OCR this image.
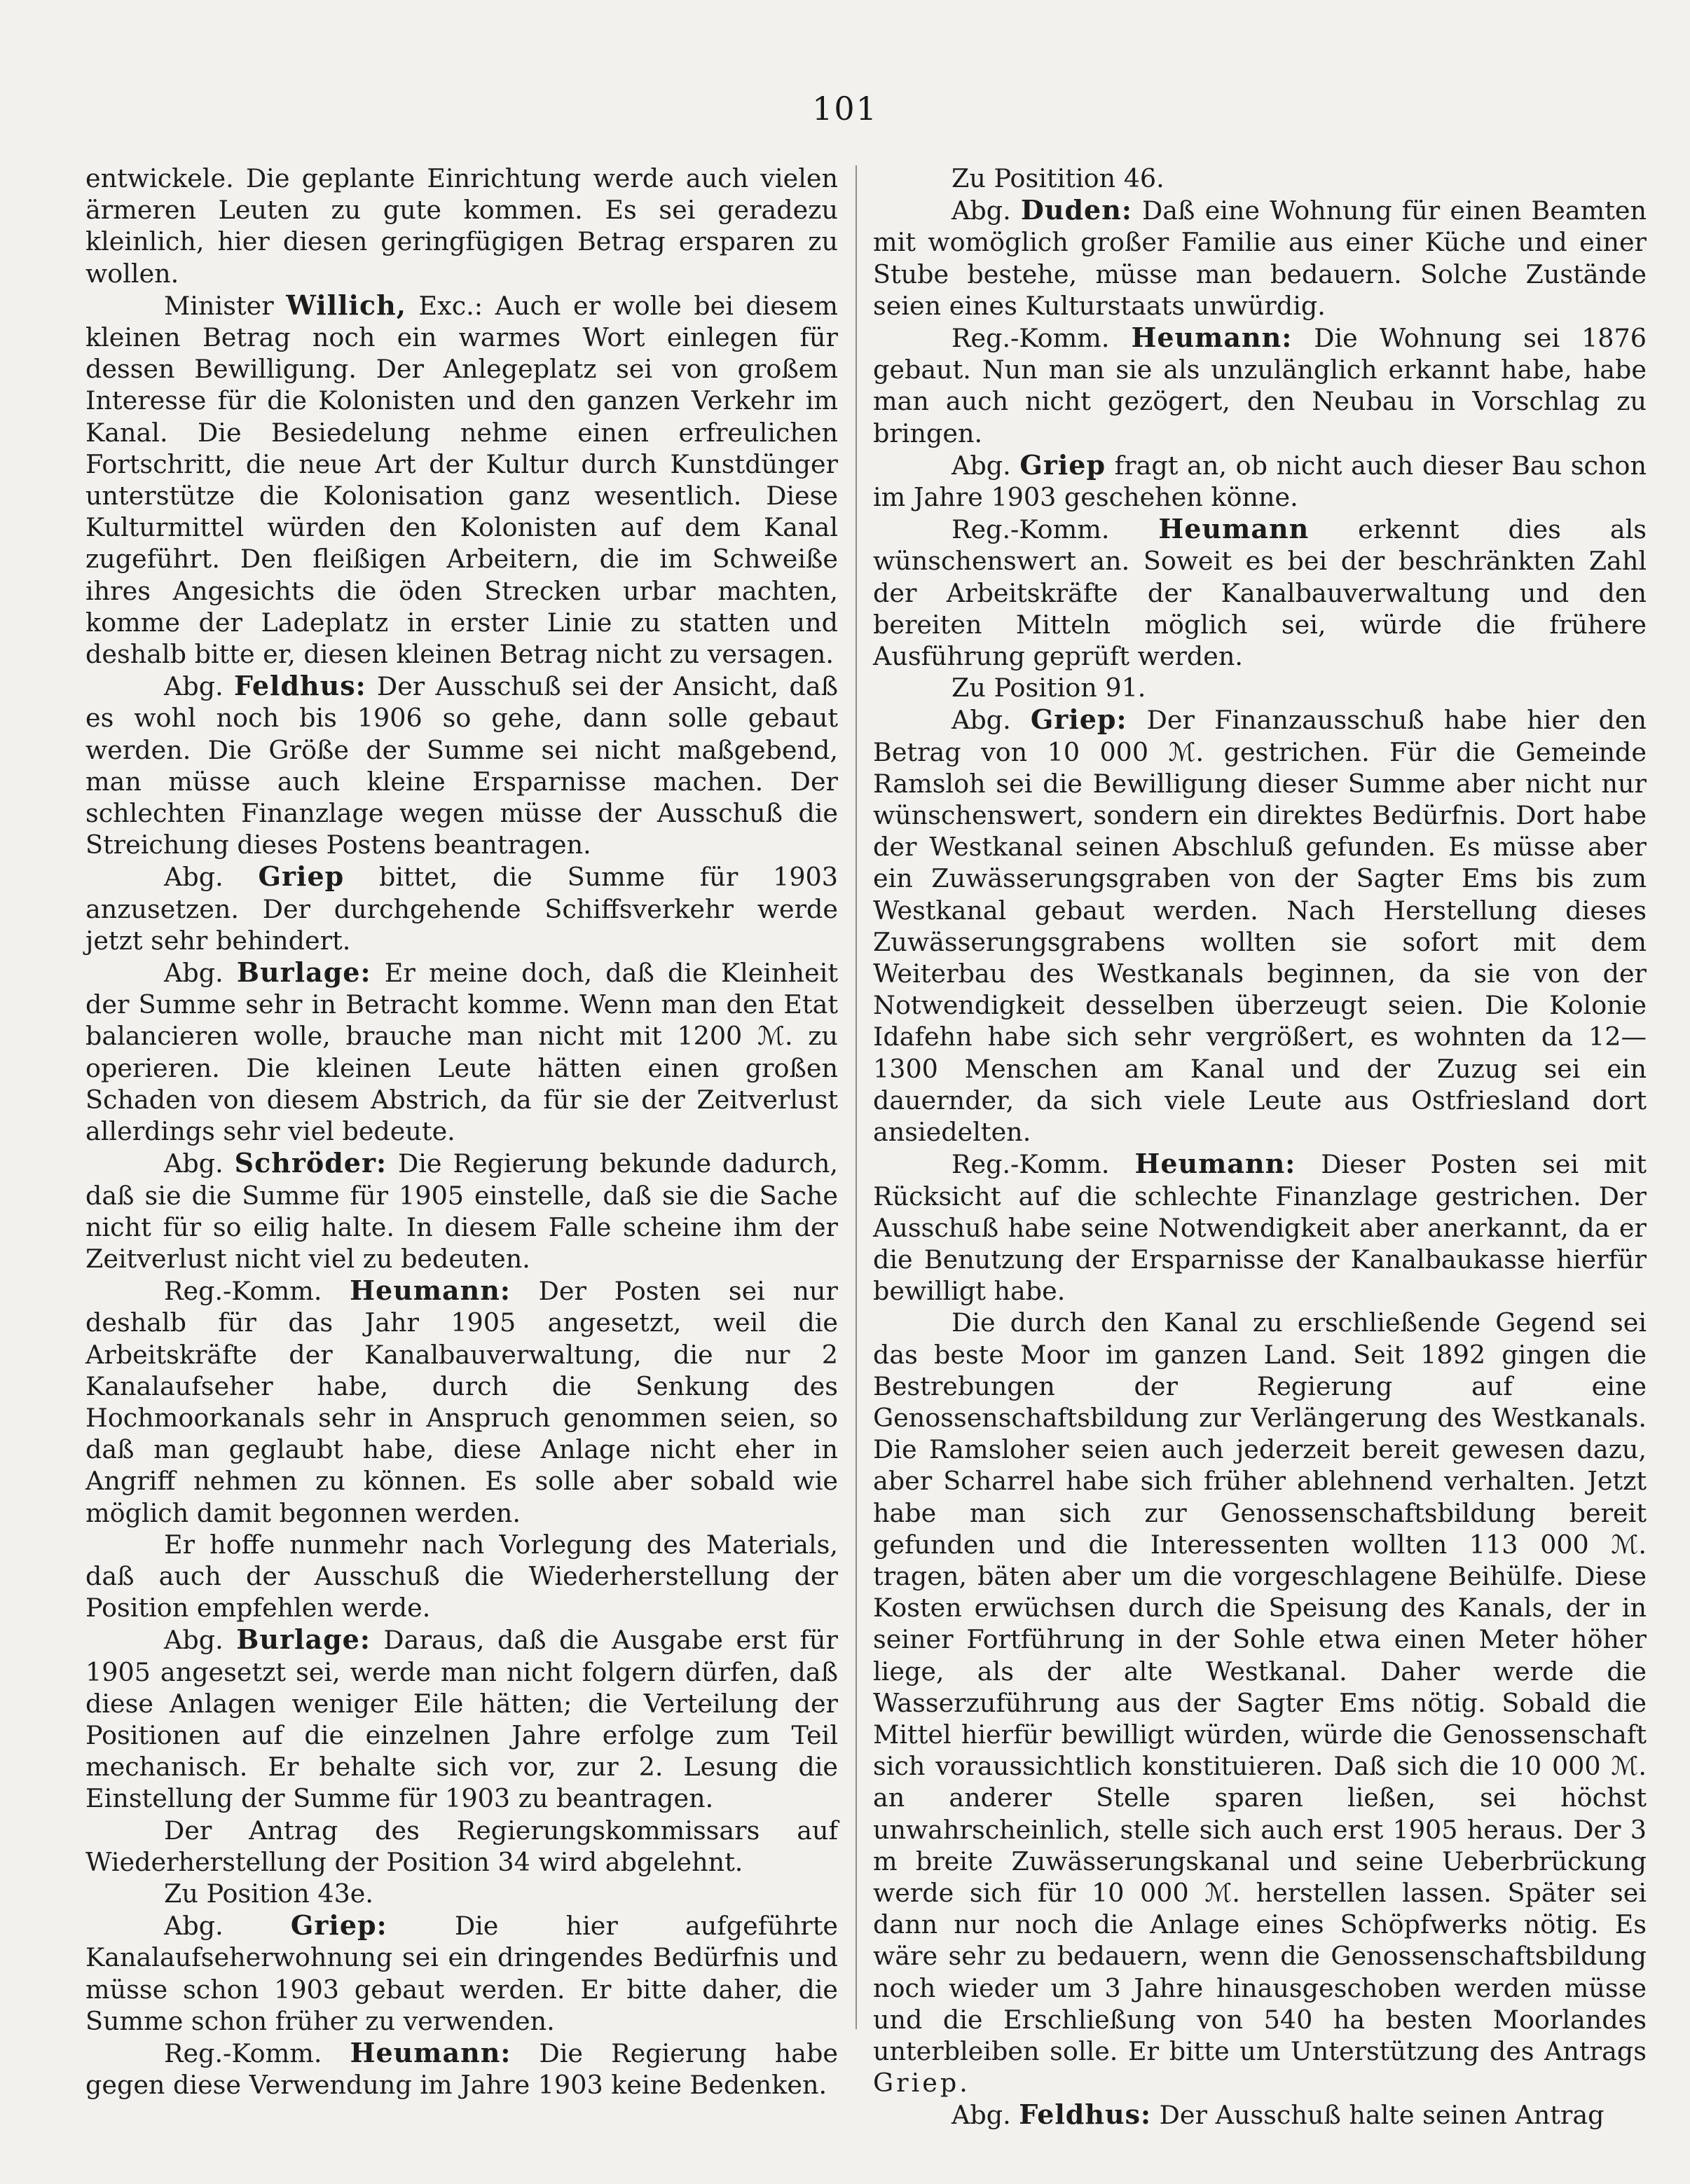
101

entwickele. Die geplante Einrichtung werde auch vielen ärmeren Leuten zu gute kommen. Es sei geradezu kleinlich, hier diesen geringfügigen Betrag ersparen zu wollen.

Minister Willich, Exc.: Auch er wolle bei diesem kleinen Betrag noch ein warmes Wort einlegen für dessen Bewilligung. Der Anlegeplatz sei von großem Interesse für die Kolonisten und den ganzen Verkehr im Kanal. Die Besiedelung nehme einen erfreulichen Fortschritt, die neue Art der Kultur durch Kunstdünger unterstütze die Kolonisation ganz wesentlich. Diese Kulturmittel würden den Kolonisten auf dem Kanal zugeführt. Den fleißigen Arbeitern, die im Schweiße ihres Angesichts die öden Strecken urbar machten, komme der Ladeplatz in erster Linie zu statten und deshalb bitte er, diesen kleinen Betrag nicht zu versagen.

Abg. Feldhus: Der Ausschuß sei der Ansicht, daß es wohl noch bis 1906 so gehe, dann solle gebaut werden. Die Größe der Summe sei nicht maßgebend, man müsse auch kleine Ersparnisse machen. Der schlechten Finanzlage wegen müsse der Ausschuß die Streichung dieses Postens beantragen.

Abg. Griep bittet, die Summe für 1903 anzusetzen. Der durchgehende Schiffsverkehr werde jetzt sehr behindert.

Abg. Burlage: Er meine doch, daß die Kleinheit der Summe sehr in Betracht komme. Wenn man den Etat balancieren wolle, brauche man nicht mit 1200 ℳ. zu operieren. Die kleinen Leute hätten einen großen Schaden von diesem Abstrich, da für sie der Zeitverlust allerdings sehr viel bedeute.

Abg. Schröder: Die Regierung bekunde dadurch, daß sie die Summe für 1905 einstelle, daß sie die Sache nicht für so eilig halte. In diesem Falle scheine ihm der Zeitverlust nicht viel zu bedeuten.

Reg.-Komm. Heumann: Der Posten sei nur deshalb für das Jahr 1905 angesetzt, weil die Arbeitskräfte der Kanalbauverwaltung, die nur 2 Kanalaufseher habe, durch die Senkung des Hochmoorkanals sehr in Anspruch genommen seien, so daß man geglaubt habe, diese Anlage nicht eher in Angriff nehmen zu können. Es solle aber sobald wie möglich damit begonnen werden.

Er hoffe nunmehr nach Vorlegung des Materials, daß auch der Ausschuß die Wiederherstellung der Position empfehlen werde.

Abg. Burlage: Daraus, daß die Ausgabe erst für 1905 angesetzt sei, werde man nicht folgern dürfen, daß diese Anlagen weniger Eile hätten; die Verteilung der Positionen auf die einzelnen Jahre erfolge zum Teil mechanisch. Er behalte sich vor, zur 2. Lesung die Einstellung der Summe für 1903 zu beantragen.

Der Antrag des Regierungskommissars auf Wiederherstellung der Position 34 wird abgelehnt.

Zu Position 43e.

Abg. Griep: Die hier aufgeführte Kanalaufseherwohnung sei ein dringendes Bedürfnis und müsse schon 1903 gebaut werden. Er bitte daher, die Summe schon früher zu verwenden.

Reg.-Komm. Heumann: Die Regierung habe gegen diese Verwendung im Jahre 1903 keine Bedenken.

Zu Positition 46.

Abg. Duden: Daß eine Wohnung für einen Beamten mit womöglich großer Familie aus einer Küche und einer Stube bestehe, müsse man bedauern. Solche Zustände seien eines Kulturstaats unwürdig.

Reg.-Komm. Heumann: Die Wohnung sei 1876 gebaut. Nun man sie als unzulänglich erkannt habe, habe man auch nicht gezögert, den Neubau in Vorschlag zu bringen.

Abg. Griep fragt an, ob nicht auch dieser Bau schon im Jahre 1903 geschehen könne.

Reg.-Komm. Heumann erkennt dies als wünschenswert an. Soweit es bei der beschränkten Zahl der Arbeitskräfte der Kanalbauverwaltung und den bereiten Mitteln möglich sei, würde die frühere Ausführung geprüft werden.

Zu Position 91.

Abg. Griep: Der Finanzausschuß habe hier den Betrag von 10 000 ℳ. gestrichen. Für die Gemeinde Ramsloh sei die Bewilligung dieser Summe aber nicht nur wünschenswert, sondern ein direktes Bedürfnis. Dort habe der Westkanal seinen Abschluß gefunden. Es müsse aber ein Zuwässerungsgraben von der Sagter Ems bis zum Westkanal gebaut werden. Nach Herstellung dieses Zuwässerungsgrabens wollten sie sofort mit dem Weiterbau des Westkanals beginnen, da sie von der Notwendigkeit desselben überzeugt seien. Die Kolonie Idafehn habe sich sehr vergrößert, es wohnten da 12—1300 Menschen am Kanal und der Zuzug sei ein dauernder, da sich viele Leute aus Ostfriesland dort ansiedelten.

Reg.-Komm. Heumann: Dieser Posten sei mit Rücksicht auf die schlechte Finanzlage gestrichen. Der Ausschuß habe seine Notwendigkeit aber anerkannt, da er die Benutzung der Ersparnisse der Kanalbaukasse hierfür bewilligt habe.

Die durch den Kanal zu erschließende Gegend sei das beste Moor im ganzen Land. Seit 1892 gingen die Bestrebungen der Regierung auf eine Genossenschaftsbildung zur Verlängerung des Westkanals. Die Ramsloher seien auch jederzeit bereit gewesen dazu, aber Scharrel habe sich früher ablehnend verhalten. Jetzt habe man sich zur Genossenschaftsbildung bereit gefunden und die Interessenten wollten 113 000 ℳ. tragen, bäten aber um die vorgeschlagene Beihülfe. Diese Kosten erwüchsen durch die Speisung des Kanals, der in seiner Fortführung in der Sohle etwa einen Meter höher liege, als der alte Westkanal. Daher werde die Wasserzuführung aus der Sagter Ems nötig. Sobald die Mittel hierfür bewilligt würden, würde die Genossenschaft sich voraussichtlich konstituieren. Daß sich die 10 000 ℳ. an anderer Stelle sparen ließen, sei höchst unwahrscheinlich, stelle sich auch erst 1905 heraus. Der 3 m breite Zuwässerungskanal und seine Ueberbrückung werde sich für 10 000 ℳ. herstellen lassen. Später sei dann nur noch die Anlage eines Schöpfwerks nötig. Es wäre sehr zu bedauern, wenn die Genossenschaftsbildung noch wieder um 3 Jahre hinausgeschoben werden müsse und die Erschließung von 540 ha besten Moorlandes unterbleiben solle. Er bitte um Unterstützung des Antrags Griep.

Abg. Feldhus: Der Ausschuß halte seinen Antrag
